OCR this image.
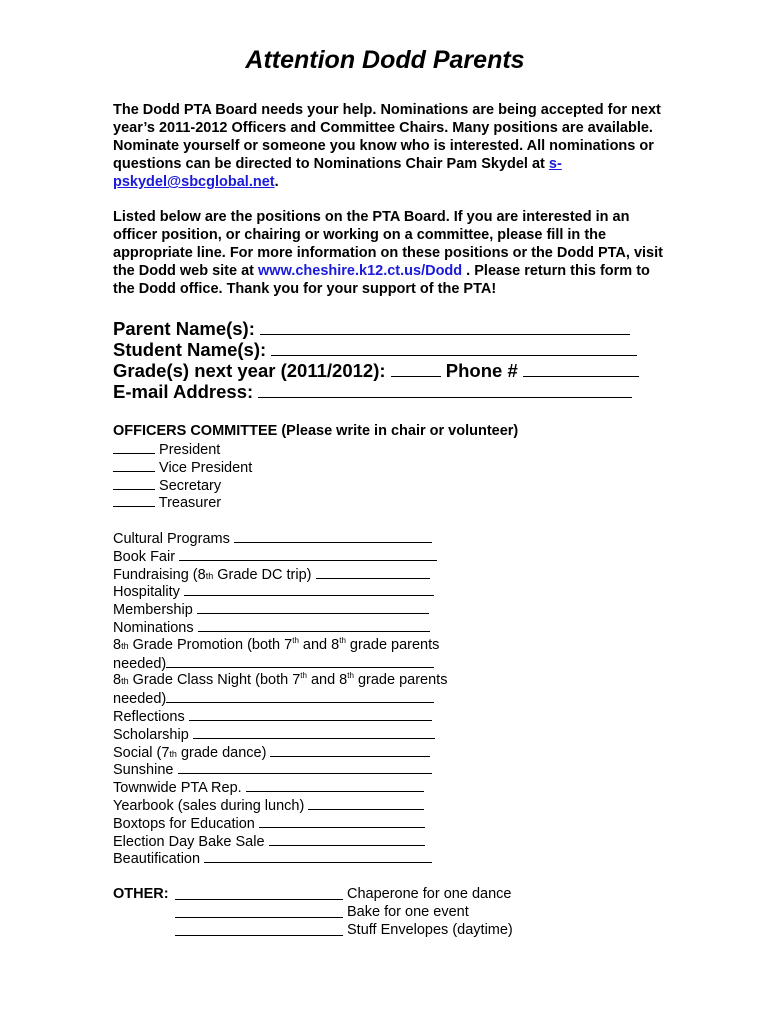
Attention Dodd Parents

The Dodd PTA Board needs your help. Nominations are being accepted for next year’s 2011-2012 Officers and Committee Chairs. Many positions are available. Nominate yourself or someone you know who is interested. All nominations or questions can be directed to Nominations Chair Pam Skydel at s-pskydel@sbcglobal.net.

Listed below are the positions on the PTA Board. If you are interested in an officer position, or chairing or working on a committee, please fill in the appropriate line. For more information on these positions or the Dodd PTA, visit the Dodd web site at www.cheshire.k12.ct.us/Dodd . Please return this form to the Dodd office. Thank you for your support of the PTA!

Parent Name(s):
Student Name(s):
Grade(s) next year (2011/2012):	Phone #
E-mail Address:
OFFICERS COMMITTEE (Please write in chair or volunteer)
President
Vice President
Secretary
Treasurer
Cultural Programs
Book Fair
Fundraising (8th Grade DC trip)
Hospitality
Membership
Nominations
8th Grade Promotion (both 7th and 8th grade parents
needed)
8th Grade Class Night (both 7th and 8th grade parents
needed)
Reflections
Scholarship
Social (7th grade dance)
Sunshine
Townwide PTA Rep.
Yearbook (sales during lunch)
Boxtops for Education
Election Day Bake Sale
Beautification
OTHER:	Chaperone for one dance
Bake for one event
Stuff Envelopes (daytime)
